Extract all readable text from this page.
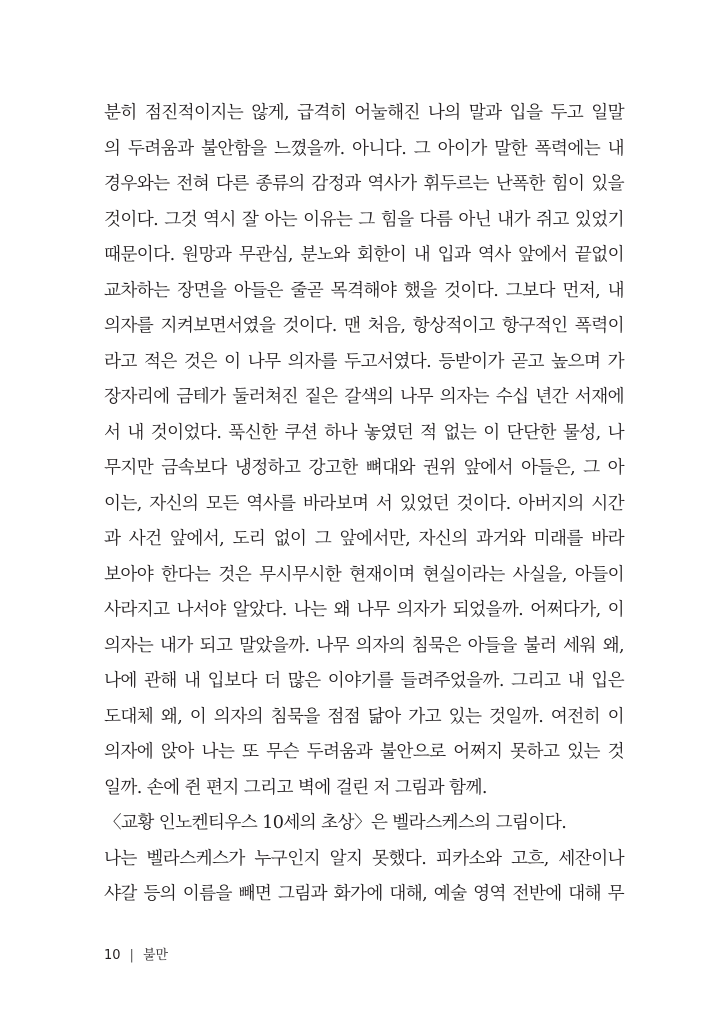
분히 점진적이지는 않게, 급격히 어눌해진 나의 말과 입을 두고 일말
의 두려움과 불안함을 느꼈을까. 아니다. 그 아이가 말한 폭력에는 내
경우와는 전혀 다른 종류의 감정과 역사가 휘두르는 난폭한 힘이 있을
것이다. 그것 역시 잘 아는 이유는 그 힘을 다름 아닌 내가 쥐고 있었기
때문이다. 원망과 무관심, 분노와 회한이 내 입과 역사 앞에서 끝없이
교차하는 장면을 아들은 줄곧 목격해야 했을 것이다. 그보다 먼저, 내
의자를 지켜보면서였을 것이다. 맨 처음, 항상적이고 항구적인 폭력이
라고 적은 것은 이 나무 의자를 두고서였다. 등받이가 곧고 높으며 가
장자리에 금테가 둘러쳐진 짙은 갈색의 나무 의자는 수십 년간 서재에
서 내 것이었다. 푹신한 쿠션 하나 놓였던 적 없는 이 단단한 물성, 나
무지만 금속보다 냉정하고 강고한 뼈대와 권위 앞에서 아들은, 그 아
이는, 자신의 모든 역사를 바라보며 서 있었던 것이다. 아버지의 시간
과 사건 앞에서, 도리 없이 그 앞에서만, 자신의 과거와 미래를 바라
보아야 한다는 것은 무시무시한 현재이며 현실이라는 사실을, 아들이
사라지고 나서야 알았다. 나는 왜 나무 의자가 되었을까. 어쩌다가, 이
의자는 내가 되고 말았을까. 나무 의자의 침묵은 아들을 불러 세워 왜,
나에 관해 내 입보다 더 많은 이야기를 들려주었을까. 그리고 내 입은
도대체 왜, 이 의자의 침묵을 점점 닮아 가고 있는 것일까. 여전히 이
의자에 앉아 나는 또 무슨 두려움과 불안으로 어쩌지 못하고 있는 것
일까. 손에 쥔 편지 그리고 벽에 걸린 저 그림과 함께.
〈교황 인노켄티우스 10세의 초상〉은 벨라스케스의 그림이다.
나는 벨라스케스가 누구인지 알지 못했다. 피카소와 고흐, 세잔이나
샤갈 등의 이름을 빼면 그림과 화가에 대해, 예술 영역 전반에 대해 무
10 | 불만
